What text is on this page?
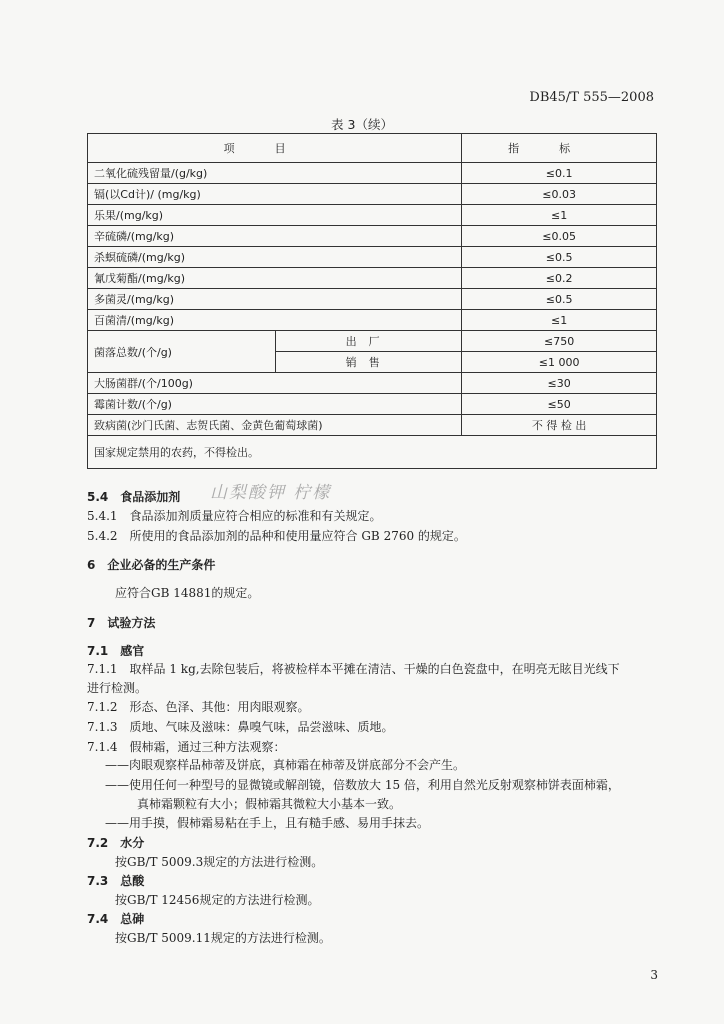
DB45/T 555—2008
表 3（续）
项目		指标
二氧化硫残留量/(g/kg)		≤0.1
镉(以Cd计)/ (mg/kg)		≤0.03
乐果/(mg/kg)		≤1
辛硫磷/(mg/kg)		≤0.05
杀螟硫磷/(mg/kg)		≤0.5
氰戊菊酯/(mg/kg)		≤0.2
多菌灵/(mg/kg)		≤0.5
百菌清/(mg/kg)		≤1
菌落总数/(个/g)	出厂	≤750
	销售	≤1 000
大肠菌群/(个/100g)		≤30
霉菌计数/(个/g)		≤50
致病菌(沙门氏菌、志贺氏菌、金黄色葡萄球菌)		不 得 检 出
国家规定禁用的农药，不得检出。		
山梨酸钾 柠檬
5.4　食品添加剂
5.4.1　食品添加剂质量应符合相应的标准和有关规定。
5.4.2　所使用的食品添加剂的品种和使用量应符合 GB 2760 的规定。
6　企业必备的生产条件
应符合GB 14881的规定。
7　试验方法
7.1　感官
7.1.1　取样品 1 kg,去除包装后，将被检样本平摊在清洁、干燥的白色瓷盘中，在明亮无眩目光线下
进行检测。
7.1.2　形态、色泽、其他：用肉眼观察。
7.1.3　质地、气味及滋味：鼻嗅气味，品尝滋味、质地。
7.1.4　假柿霜，通过三种方法观察：
——肉眼观察样品柿蒂及饼底，真柿霜在柿蒂及饼底部分不会产生。
——使用任何一种型号的显微镜或解剖镜，倍数放大 15 倍，利用自然光反射观察柿饼表面柿霜，
真柿霜颗粒有大小；假柿霜其微粒大小基本一致。
——用手摸，假柿霜易粘在手上，且有糙手感、易用手抹去。
7.2　水分
按GB/T 5009.3规定的方法进行检测。
7.3　总酸
按GB/T 12456规定的方法进行检测。
7.4　总砷
按GB/T 5009.11规定的方法进行检测。
3
